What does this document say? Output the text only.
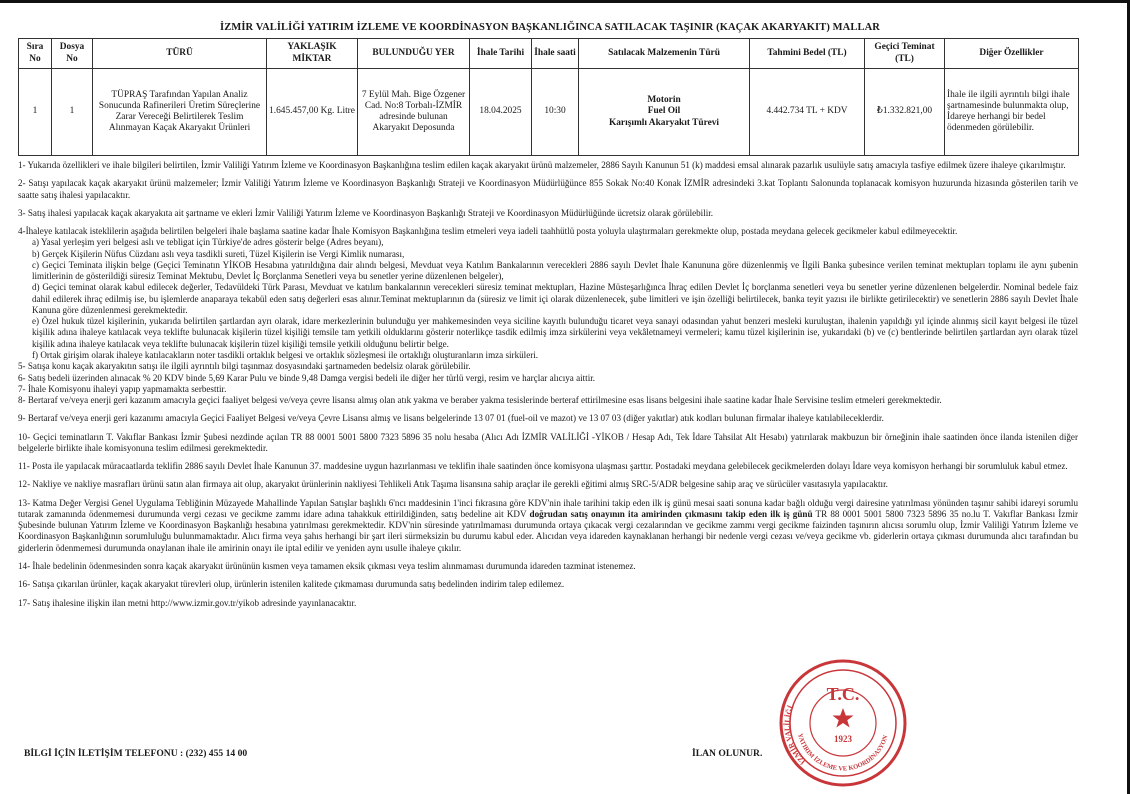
İZMİR VALİLİĞİ YATIRIM İZLEME VE KOORDİNASYON BAŞKANLIĞINCA SATILACAK TAŞINIR (KAÇAK AKARYAKIT) MALLAR
Sıra No	Dosya No	TÜRÜ	YAKLAŞIK MİKTAR	BULUNDUĞU YER	İhale Tarihi	İhale saati	Satılacak Malzemenin Türü	Tahmini Bedel (TL)	Geçici Teminat (TL)	Diğer Özellikler
1	1	TÜPRAŞ Tarafından Yapılan Analiz Sonucunda Rafinerileri Üretim Süreçlerine Zarar Vereceği Belirtilerek Teslim Alınmayan Kaçak Akaryakıt Ürünleri	1.645.457,00 Kg. Litre	7 Eylül Mah. Bige Özgener Cad. No:8 Torbalı-İZMİR adresinde bulunan Akaryakıt Deposunda	18.04.2025	10:30	Motorin
Fuel Oil
Karışımlı Akaryakıt Türevi	4.442.734 TL + KDV	₺1.332.821,00	İhale ile ilgili ayrıntılı bilgi ihale şartnamesinde bulunmakta olup, İdareye herhangi bir bedel ödenmeden görülebilir.

1- Yukarıda özellikleri ve ihale bilgileri belirtilen, İzmir Valiliği Yatırım İzleme ve Koordinasyon Başkanlığına teslim edilen kaçak akaryakıt ürünü malzemeler, 2886 Sayılı Kanunun 51 (k) maddesi emsal alınarak pazarlık usulüyle satış amacıyla tasfiye edilmek üzere ihaleye çıkarılmıştır.

2- Satışı yapılacak kaçak akaryakıt ürünü malzemeler; İzmir Valiliği Yatırım İzleme ve Koordinasyon Başkanlığı Strateji ve Koordinasyon Müdürlüğünce 855 Sokak No:40 Konak İZMİR adresindeki 3.kat Toplantı Salonunda toplanacak komisyon huzurunda hizasında gösterilen tarih ve saatte satış ihalesi yapılacaktır.

3- Satış ihalesi yapılacak kaçak akaryakıta ait şartname ve ekleri İzmir Valiliği Yatırım İzleme ve Koordinasyon Başkanlığı Strateji ve Koordinasyon Müdürlüğünde ücretsiz olarak görülebilir.

4-İhaleye katılacak isteklilerin aşağıda belirtilen belgeleri ihale başlama saatine kadar İhale Komisyon Başkanlığına teslim etmeleri veya iadeli taahhütlü posta yoluyla ulaştırmaları gerekmekte olup, postada meydana gelecek gecikmeler kabul edilmeyecektir.

a) Yasal yerleşim yeri belgesi aslı ve tebligat için Türkiye'de adres gösterir belge (Adres beyanı),

b) Gerçek Kişilerin Nüfus Cüzdanı aslı veya tasdikli sureti, Tüzel Kişilerin ise Vergi Kimlik numarası,

c) Geçici Teminata ilişkin belge (Geçici Teminatın YİKOB Hesabına yatırıldığına dair alındı belgesi, Mevduat veya Katılım Bankalarının verecekleri 2886 sayılı Devlet İhale Kanununa göre düzenlenmiş ve İlgili Banka şubesince verilen teminat mektupları toplamı ile aynı şubenin limitlerinin de gösterildiği süresiz Teminat Mektubu, Devlet İç Borçlanma Senetleri veya bu senetler yerine düzenlenen belgeler),

d) Geçici teminat olarak kabul edilecek değerler, Tedavüldeki Türk Parası, Mevduat ve katılım bankalarının verecekleri süresiz teminat mektupları, Hazine Müsteşarlığınca İhraç edilen Devlet İç borçlanma senetleri veya bu senetler yerine düzenlenen belgelerdir. Nominal bedele faiz dahil edilerek ihraç edilmiş ise, bu işlemlerde anaparaya tekabül eden satış değerleri esas alınır.Teminat mektuplarının da (süresiz ve limit içi olarak düzenlenecek, şube limitleri ve işin özelliği belirtilecek, banka teyit yazısı ile birlikte getirilecektir) ve senetlerin 2886 sayılı Devlet İhale Kanuna göre düzenlenmesi gerekmektedir.

e) Özel hukuk tüzel kişilerinin, yukarıda belirtilen şartlardan ayrı olarak, idare merkezlerinin bulunduğu yer mahkemesinden veya siciline kayıtlı bulunduğu ticaret veya sanayi odasından yahut benzeri mesleki kuruluştan, ihalenin yapıldığı yıl içinde alınmış sicil kayıt belgesi ile tüzel kişilik adına ihaleye katılacak veya teklifte bulunacak kişilerin tüzel kişiliği temsile tam yetkili olduklarını gösterir noterlikçe tasdik edilmiş imza sirkülerini veya vekâletnameyi vermeleri; kamu tüzel kişilerinin ise, yukarıdaki (b) ve (c) bentlerinde belirtilen şartlardan ayrı olarak tüzel kişilik adına ihaleye katılacak veya teklifte bulunacak kişilerin tüzel kişiliği temsile yetkili olduğunu belirtir belge.

f) Ortak girişim olarak ihaleye katılacakların noter tasdikli ortaklık belgesi ve ortaklık sözleşmesi ile ortaklığı oluşturanların imza sirküleri.

5- Satışa konu kaçak akaryakıtın satışı ile ilgili ayrıntılı bilgi taşınmaz dosyasındaki şartnameden bedelsiz olarak görülebilir.

6- Satış bedeli üzerinden alınacak % 20 KDV binde 5,69 Karar Pulu ve binde 9,48 Damga vergisi bedeli ile diğer her türlü vergi, resim ve harçlar alıcıya aittir.

7- İhale Komisyonu ihaleyi yapıp yapmamakta serbesttir.

8- Bertaraf ve/veya enerji geri kazanım amacıyla geçici faaliyet belgesi ve/veya çevre lisansı almış olan atık yakma ve beraber yakma tesislerinde berteraf ettirilmesine esas lisans belgesini ihale saatine kadar İhale Servisine teslim etmeleri gerekmektedir.

9- Bertaraf ve/veya enerji geri kazanımı amacıyla Geçici Faaliyet Belgesi ve/veya Çevre Lisansı almış ve lisans belgelerinde 13 07 01 (fuel-oil ve mazot) ve 13 07 03 (diğer yakıtlar) atık kodları bulunan firmalar ihaleye katılabileceklerdir.

10- Geçici teminatların T. Vakıflar Bankası İzmir Şubesi nezdinde açılan TR 88 0001 5001 5800 7323 5896 35 nolu hesaba (Alıcı Adı İZMİR VALİLİĞİ -YİKOB / Hesap Adı, Tek İdare Tahsilat Alt Hesabı) yatırılarak makbuzun bir örneğinin ihale saatinden önce ilanda istenilen diğer belgelerle birlikte ihale komisyonuna teslim edilmesi gerekmektedir.

11- Posta ile yapılacak müracaatlarda teklifin 2886 sayılı Devlet İhale Kanunun 37. maddesine uygun hazırlanması ve teklifin ihale saatinden önce komisyona ulaşması şarttır. Postadaki meydana gelebilecek gecikmelerden dolayı İdare veya komisyon herhangi bir sorumluluk kabul etmez.

12- Nakliye ve nakliye masrafları ürünü satın alan firmaya ait olup, akaryakıt ürünlerinin nakliyesi Tehlikeli Atık Taşıma lisansına sahip araçlar ile gerekli eğitimi almış SRC-5/ADR belgesine sahip araç ve sürücüler vasıtasıyla yapılacaktır.

13- Katma Değer Vergisi Genel Uygulama Tebliğinin Müzayede Mahallinde Yapılan Satışlar başlıklı 6'ncı maddesinin 1'inci fıkrasına göre KDV'nin ihale tarihini takip eden ilk iş günü mesai saati sonuna kadar bağlı olduğu vergi dairesine yatırılması yönünden taşınır sahibi idareyi sorumlu tutarak zamanında ödenmemesi durumunda vergi cezası ve gecikme zammı idare adına tahakkuk ettirildiğinden, satış bedeline ait KDV doğrudan satış onayının ita amirinden çıkmasını takip eden ilk iş günü TR 88 0001 5001 5800 7323 5896 35 no.lu T. Vakıflar Bankası İzmir Şubesinde bulunan Yatırım İzleme ve Koordinasyon Başkanlığı hesabına yatırılması gerekmektedir. KDV'nin süresinde yatırılmaması durumunda ortaya çıkacak vergi cezalarından ve gecikme zammı vergi gecikme faizinden taşınırın alıcısı sorumlu olup, İzmir Valiliği Yatırım İzleme ve Koordinasyon Başkanlığının sorumluluğu bulunmamaktadır. Alıcı firma veya şahıs herhangi bir şart ileri sürmeksizin bu durumu kabul eder. Alıcıdan veya idareden kaynaklanan herhangi bir nedenle vergi cezası ve/veya gecikme vb. giderlerin ortaya çıkması durumunda alıcı tarafından bu giderlerin ödenmemesi durumunda onaylanan ihale ile amirinin onayı ile iptal edilir ve yeniden aynı usulle ihaleye çıkılır.

14- İhale bedelinin ödenmesinden sonra kaçak akaryakıt ürününün kısmen veya tamamen eksik çıkması veya teslim alınmaması durumunda idareden tazminat istenemez.

16- Satışa çıkarılan ürünler, kaçak akaryakıt türevleri olup, ürünlerin istenilen kalitede çıkmaması durumunda satış bedelinden indirim talep edilemez.

17- Satış ihalesine ilişkin ilan metni http://www.izmir.gov.tr/yikob adresinde yayınlanacaktır.

BİLGİ İÇİN İLETİŞİM TELEFONU : (232) 455 14 00	İLAN OLUNUR.
İZMİR VALİLİĞİ
YATIRIM İZLEME VE KOORDİNASYON
T.C.
1923
